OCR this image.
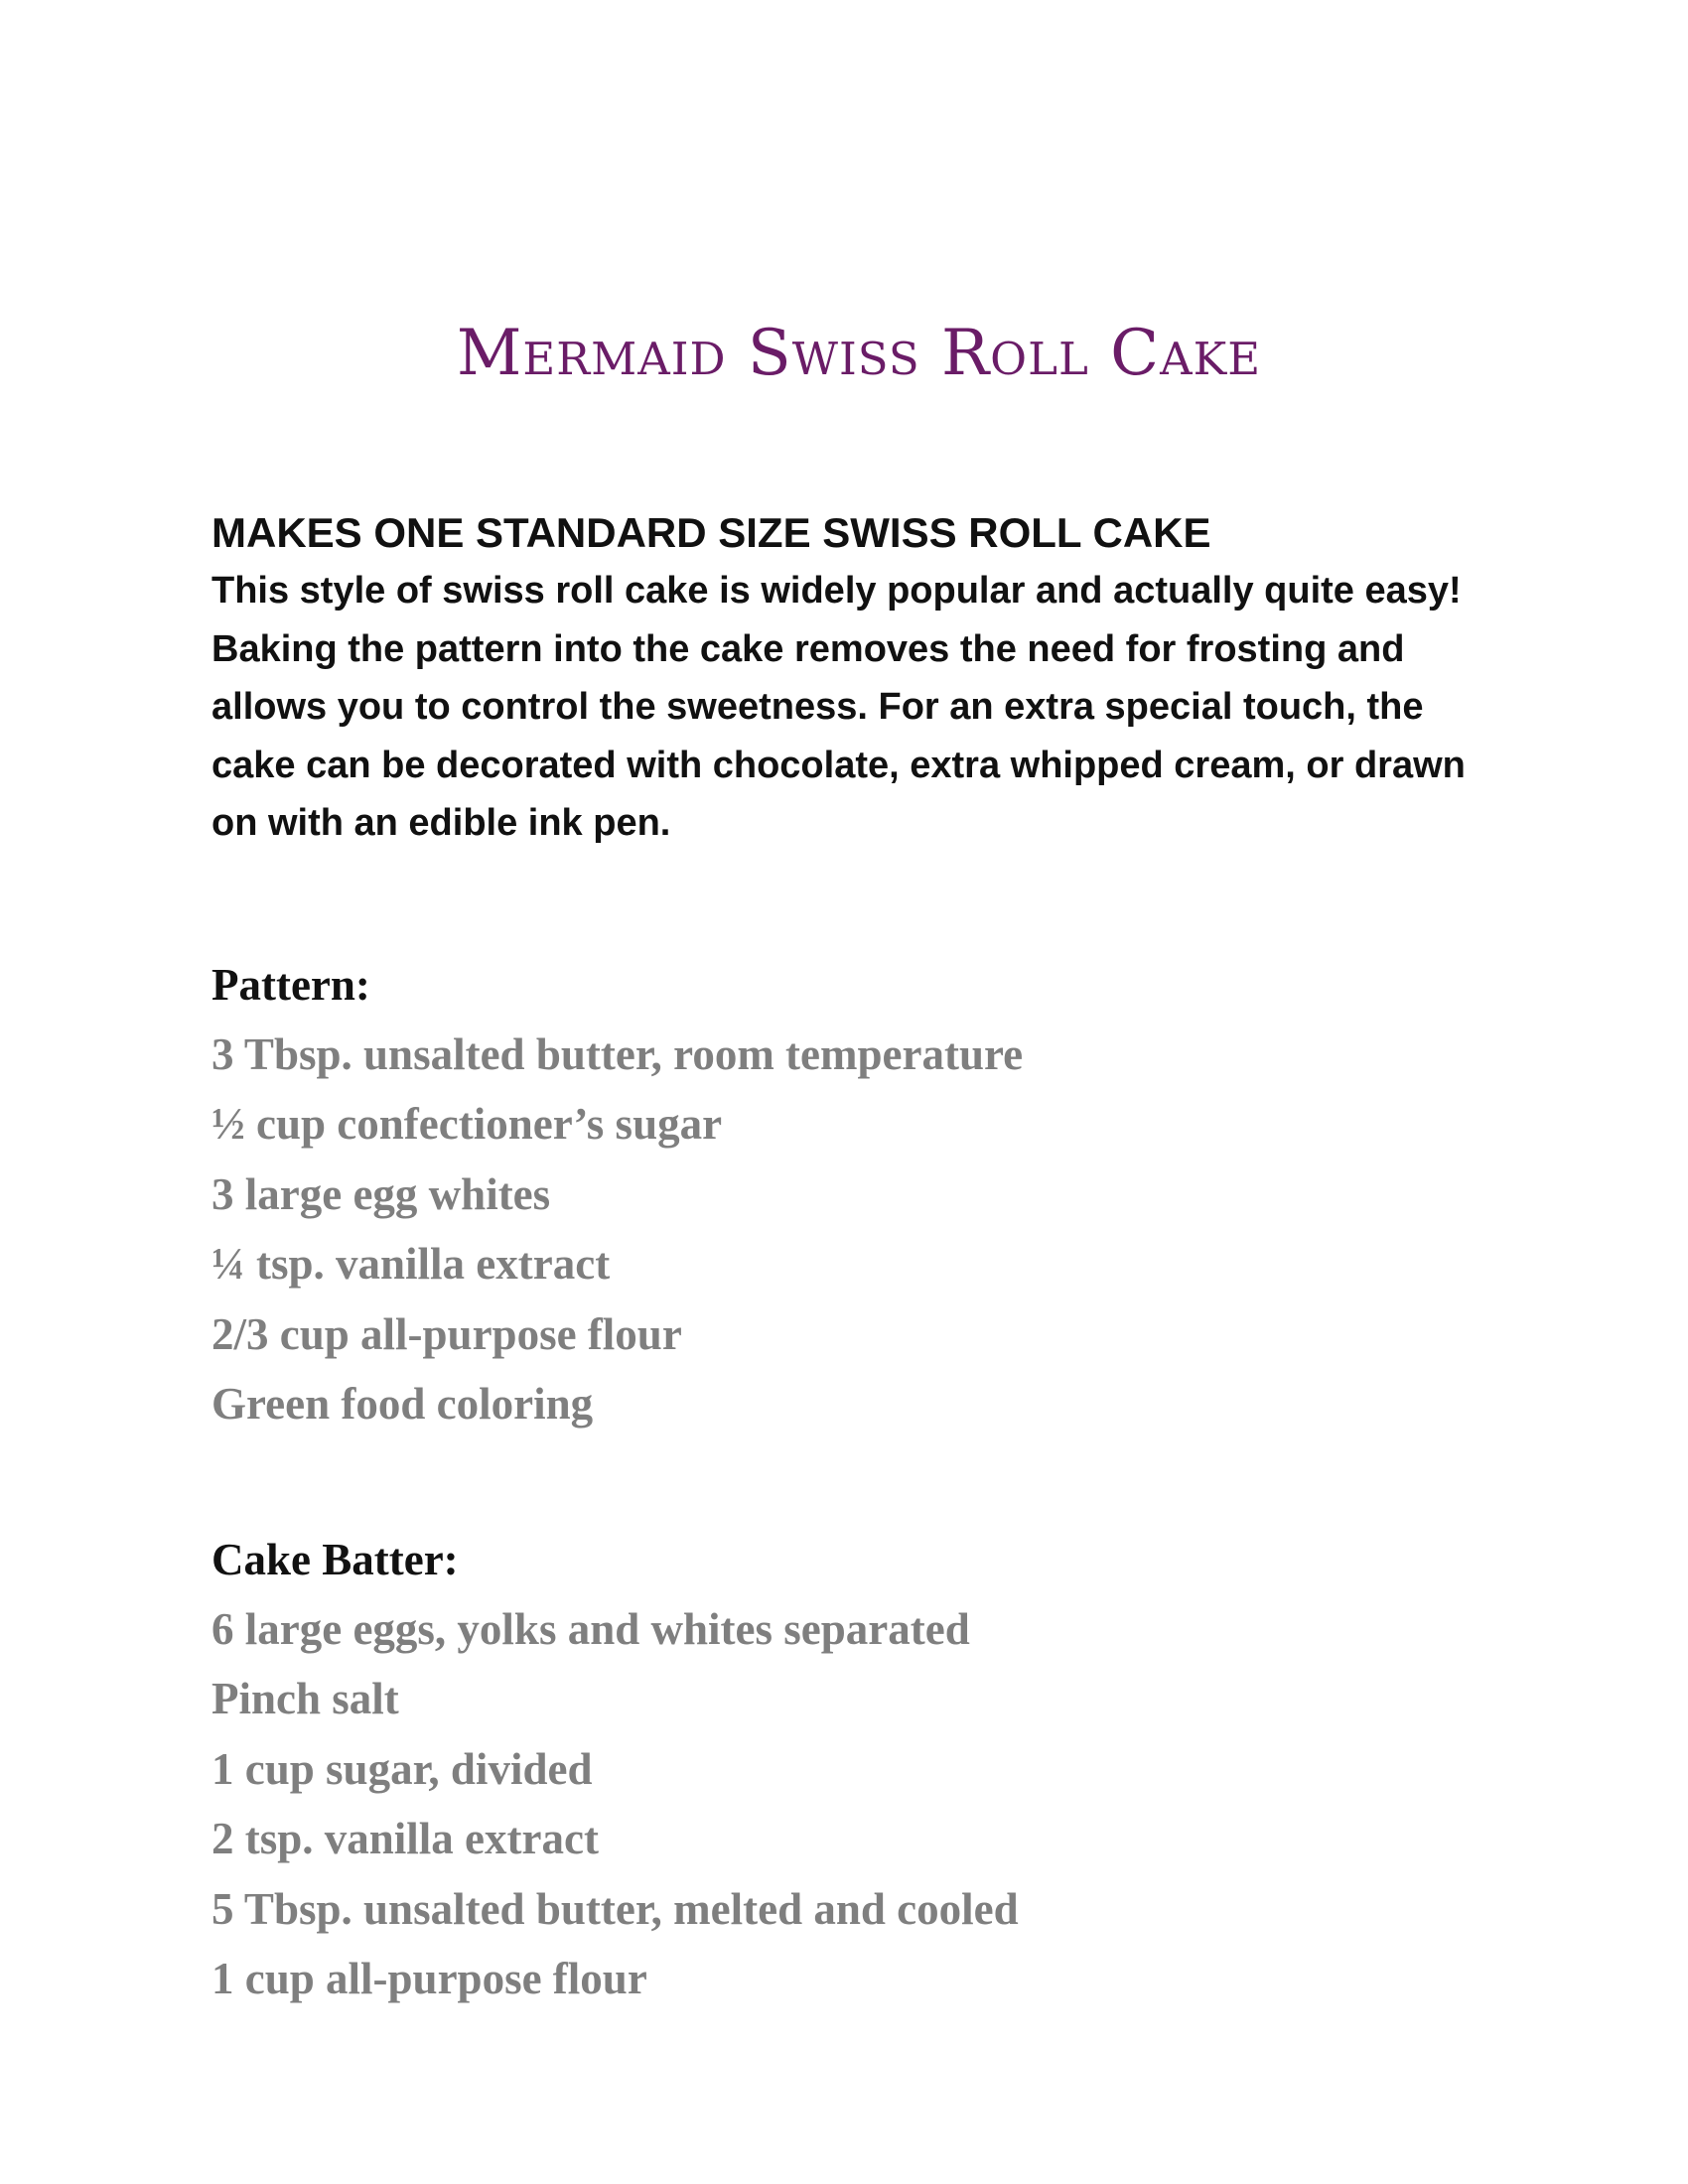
Mermaid Swiss Roll Cake

MAKES ONE STANDARD SIZE SWISS ROLL CAKE

This style of swiss roll cake is widely popular and actually quite easy! Baking the pattern into the cake removes the need for frosting and allows you to control the sweetness. For an extra special touch, the cake can be decorated with chocolate, extra whipped cream, or drawn on with an edible ink pen.

Pattern:

3 Tbsp. unsalted butter, room temperature
½ cup confectioner’s sugar
3 large egg whites
¼ tsp. vanilla extract
2/3 cup all-purpose flour
Green food coloring

Cake Batter:

6 large eggs, yolks and whites separated
Pinch salt
1 cup sugar, divided
2 tsp. vanilla extract
5 Tbsp. unsalted butter, melted and cooled
1 cup all-purpose flour
